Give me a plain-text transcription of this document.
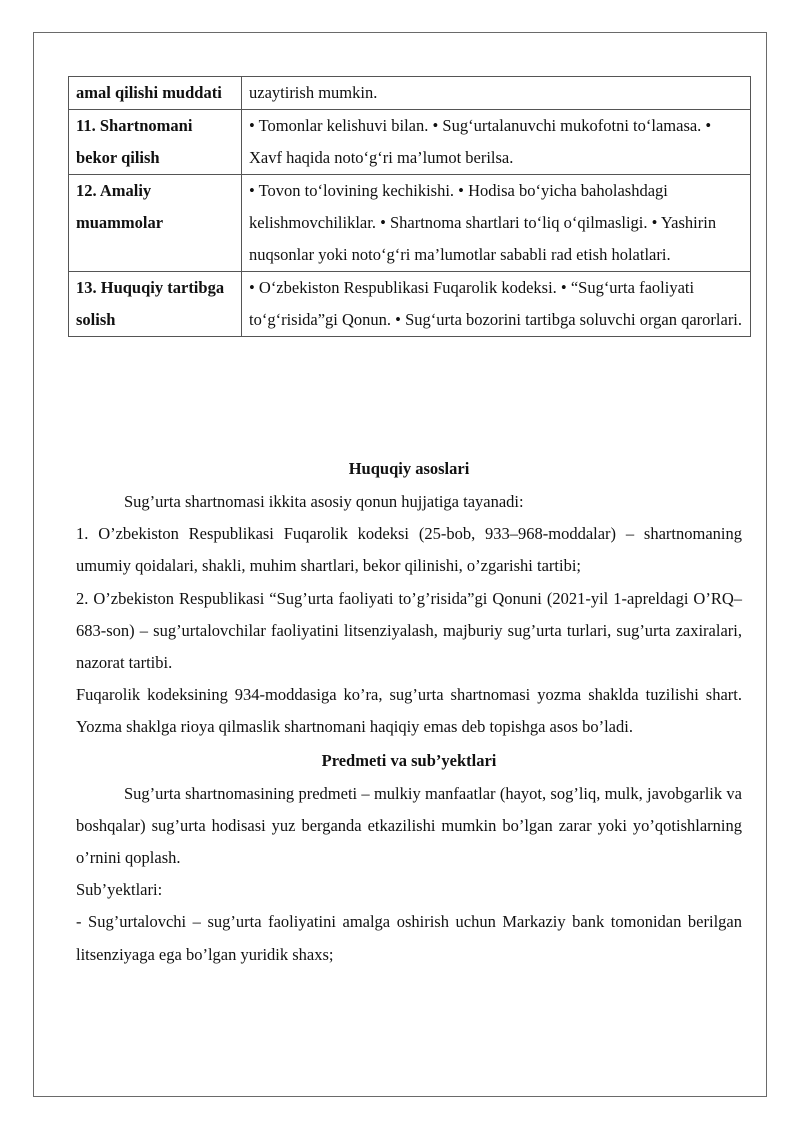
amal qilishi muddati	uzaytirish mumkin.
11. Shartnomani bekor qilish	• Tomonlar kelishuvi bilan. • Sug‘urtalanuvchi mukofotni to‘lamasa. • Xavf haqida noto‘g‘ri ma’lumot berilsa.
12. Amaliy muammolar	• Tovon to‘lovining kechikishi. • Hodisa bo‘yicha baholashdagi kelishmovchiliklar. • Shartnoma shartlari to‘liq o‘qilmasligi. • Yashirin nuqsonlar yoki noto‘g‘ri ma’lumotlar sababli rad etish holatlari.
13. Huquqiy tartibga solish	• O‘zbekiston Respublikasi Fuqarolik kodeksi. • “Sug‘urta faoliyati to‘g‘risida”gi Qonun. • Sug‘urta bozorini tartibga soluvchi organ qarorlari.
Huquqiy asoslari

Sug’urta shartnomasi ikkita asosiy qonun hujjatiga tayanadi:

1. O’zbekiston Respublikasi Fuqarolik kodeksi (25-bob, 933–968-moddalar) – shartnomaning umumiy qoidalari, shakli, muhim shartlari, bekor qilinishi, o’zgarishi tartibi;

2. O’zbekiston Respublikasi “Sug’urta faoliyati to’g’risida”gi Qonuni (2021-yil 1-apreldagi O’RQ–683-son) – sug’urtalovchilar faoliyatini litsenziyalash, majburiy sug’urta turlari, sug’urta zaxiralari, nazorat tartibi.

Fuqarolik kodeksining 934-moddasiga ko’ra, sug’urta shartnomasi yozma shaklda tuzilishi shart. Yozma shaklga rioya qilmaslik shartnomani haqiqiy emas deb topishga asos bo’ladi.

Predmeti va sub’yektlari

Sug’urta shartnomasining predmeti – mulkiy manfaatlar (hayot, sog’liq, mulk, javobgarlik va boshqalar) sug’urta hodisasi yuz berganda etkazilishi mumkin bo’lgan zarar yoki yo’qotishlarning o’rnini qoplash.

Sub’yektlari:

- Sug’urtalovchi – sug’urta faoliyatini amalga oshirish uchun Markaziy bank tomonidan berilgan litsenziyaga ega bo’lgan yuridik shaxs;
